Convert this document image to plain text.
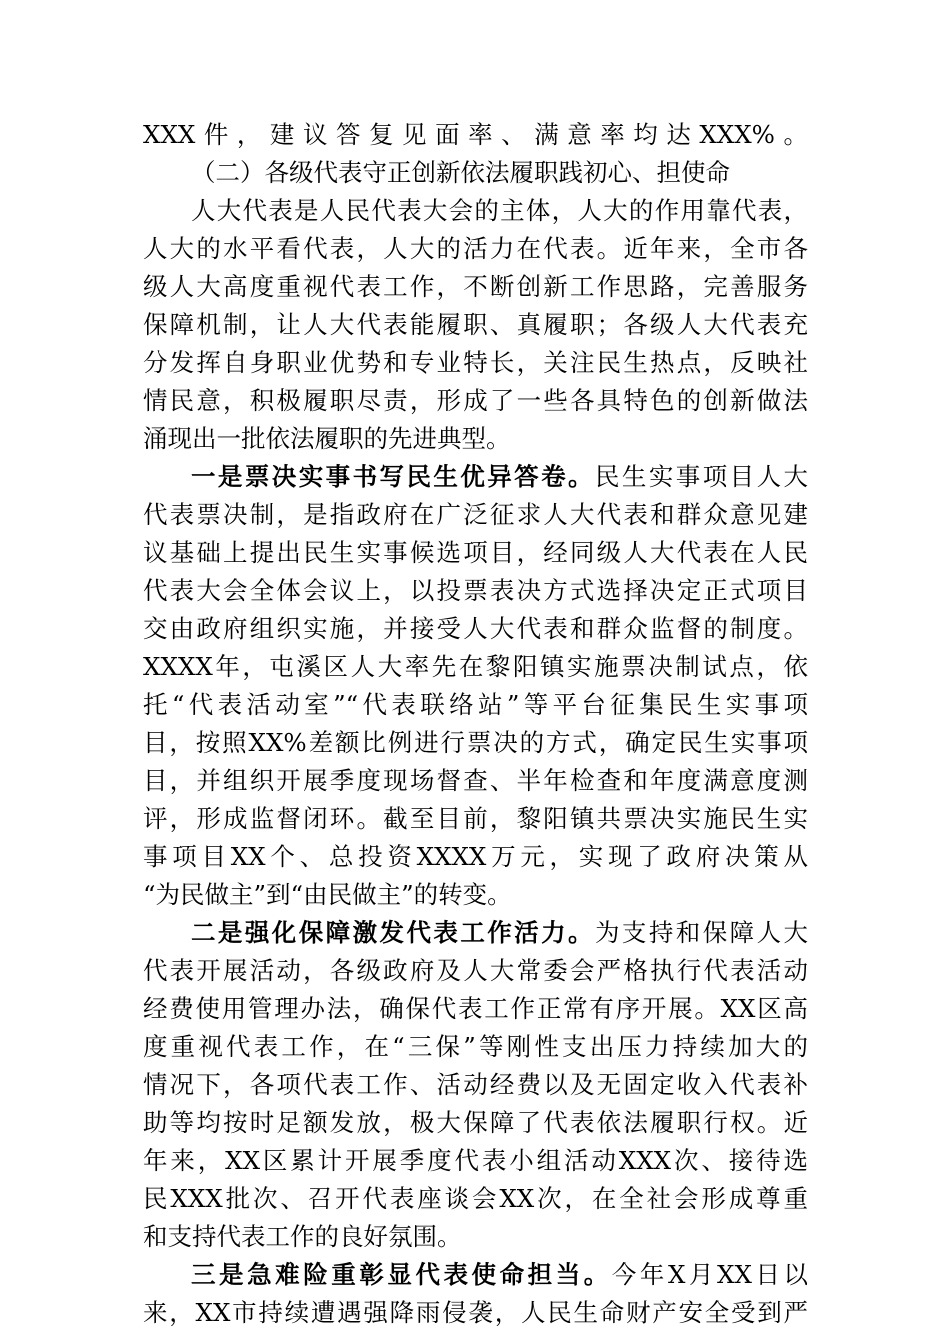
XXX件，建议答复见面率、满意率均达XXX%。
（二）各级代表守正创新依法履职践初心、担使命
人大代表是人民代表大会的主体，人大的作用靠代表，
人大的水平看代表，人大的活力在代表。近年来，全市各
级人大高度重视代表工作，不断创新工作思路，完善服务
保障机制，让人大代表能履职、真履职；各级人大代表充
分发挥自身职业优势和专业特长，关注民生热点，反映社
情民意，积极履职尽责，形成了一些各具特色的创新做法
涌现出一批依法履职的先进典型。
一是票决实事书写民生优异答卷。民生实事项目人大
代表票决制，是指政府在广泛征求人大代表和群众意见建
议基础上提出民生实事候选项目，经同级人大代表在人民
代表大会全体会议上，以投票表决方式选择决定正式项目
交由政府组织实施，并接受人大代表和群众监督的制度。
XXXX年，屯溪区人大率先在黎阳镇实施票决制试点，依
托“代表活动室”“代表联络站”等平台征集民生实事项
目，按照XX%差额比例进行票决的方式，确定民生实事项
目，并组织开展季度现场督查、半年检查和年度满意度测
评，形成监督闭环。截至目前，黎阳镇共票决实施民生实
事项目XX个、总投资XXXX万元，实现了政府决策从
“为民做主”到“由民做主”的转变。
二是强化保障激发代表工作活力。为支持和保障人大
代表开展活动，各级政府及人大常委会严格执行代表活动
经费使用管理办法，确保代表工作正常有序开展。XX区高
度重视代表工作，在“三保”等刚性支出压力持续加大的
情况下，各项代表工作、活动经费以及无固定收入代表补
助等均按时足额发放，极大保障了代表依法履职行权。近
年来，XX区累计开展季度代表小组活动XXX次、接待选
民XXX批次、召开代表座谈会XX次，在全社会形成尊重
和支持代表工作的良好氛围。
三是急难险重彰显代表使命担当。今年X月XX日以
来，XX市持续遭遇强降雨侵袭，人民生命财产安全受到严
